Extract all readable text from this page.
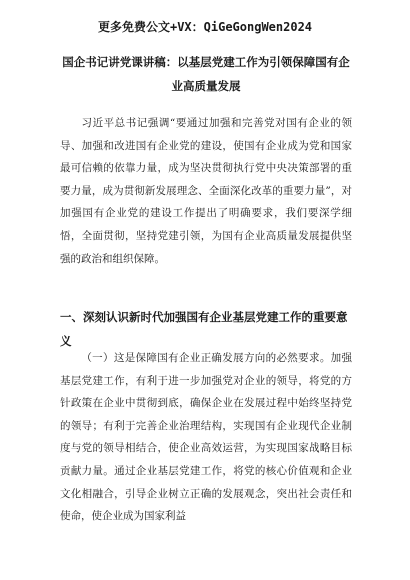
更多免费公文+VX：QiGeGongWen2024
国企书记讲党课讲稿：以基层党建工作为引领保障国有企业高质量发展

习近平总书记强调“要通过加强和完善党对国有企业的领导、加强和改进国有企业党的建设，使国有企业成为党和国家最可信赖的依靠力量，成为坚决贯彻执行党中央决策部署的重要力量，成为贯彻新发展理念、全面深化改革的重要力量”，对加强国有企业党的建设工作提出了明确要求，我们要深学细悟，全面贯彻，坚持党建引领，为国有企业高质量发展提供坚强的政治和组织保障。

一、深刻认识新时代加强国有企业基层党建工作的重要意义

（一）这是保障国有企业正确发展方向的必然要求。加强基层党建工作，有利于进一步加强党对企业的领导，将党的方针政策在企业中贯彻到底，确保企业在发展过程中始终坚持党的领导；有利于完善企业治理结构，实现国有企业现代企业制度与党的领导相结合，使企业高效运营，为实现国家战略目标贡献力量。通过企业基层党建工作，将党的核心价值观和企业文化相融合，引导企业树立正确的发展观念，突出社会责任和使命，使企业成为国家利益
